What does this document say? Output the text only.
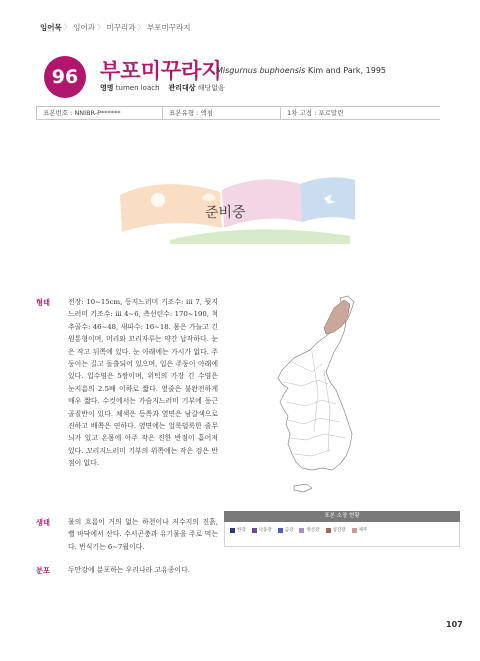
잉어목 〉 잉어과 〉 미꾸리과 〉 부포미꾸라지
96	부포미꾸라지
Misgurnus buphoensis Kim and Park, 1995
영명 tumen loach 관리대상 해당없음
표본번호 : NNIBR-P******	표본유형 : 액침	1차 고정 : 포르말린
준비중
형태	전장: 10~15cm, 등지느러미 기조수: iii 7, 뒷지느러미 기조수: iii 4~6, 측선린수: 170~190, 척추골수: 46~48, 새파수: 16~18. 몸은 가늘고 긴 원통형이며, 머리와 꼬리자루는 약간 납작하다. 눈은 작고 뒤쪽에 있다. 눈 아래에는 가시가 없다. 주둥이는 길고 돌출되어 있으며, 입은 주둥이 아래에 있다. 입수염은 5쌍이며, 위턱의 가장 긴 수염은 눈지름의 2.5배 이하로 짧다. 옆줄은 불완전하게 매우 짧다. 수컷에서는 가슴지느러미 기부에 둥근 골질반이 있다. 체색은 등쪽과 옆면은 남갈색으로 진하고 배쪽은 연하다. 옆면에는 얼룩덜룩한 줄무늬가 있고 온몸에 아주 작은 진한 반점이 흩어져 있다. 꼬리지느러미 기부의 위쪽에는 작은 검은 반점이 없다.
생태	물의 흐름이 거의 없는 하천이나 저수지의 진흙, 뻘 바닥에서 산다. 수서곤충과 유기물을 주로 먹는다. 번식기는 6~7월이다.
분포	두만강에 분포하는 우리나라 고유종이다.
표본 소장 현황
한강	낙동강	금강	영산강	섬진강	제주
107
